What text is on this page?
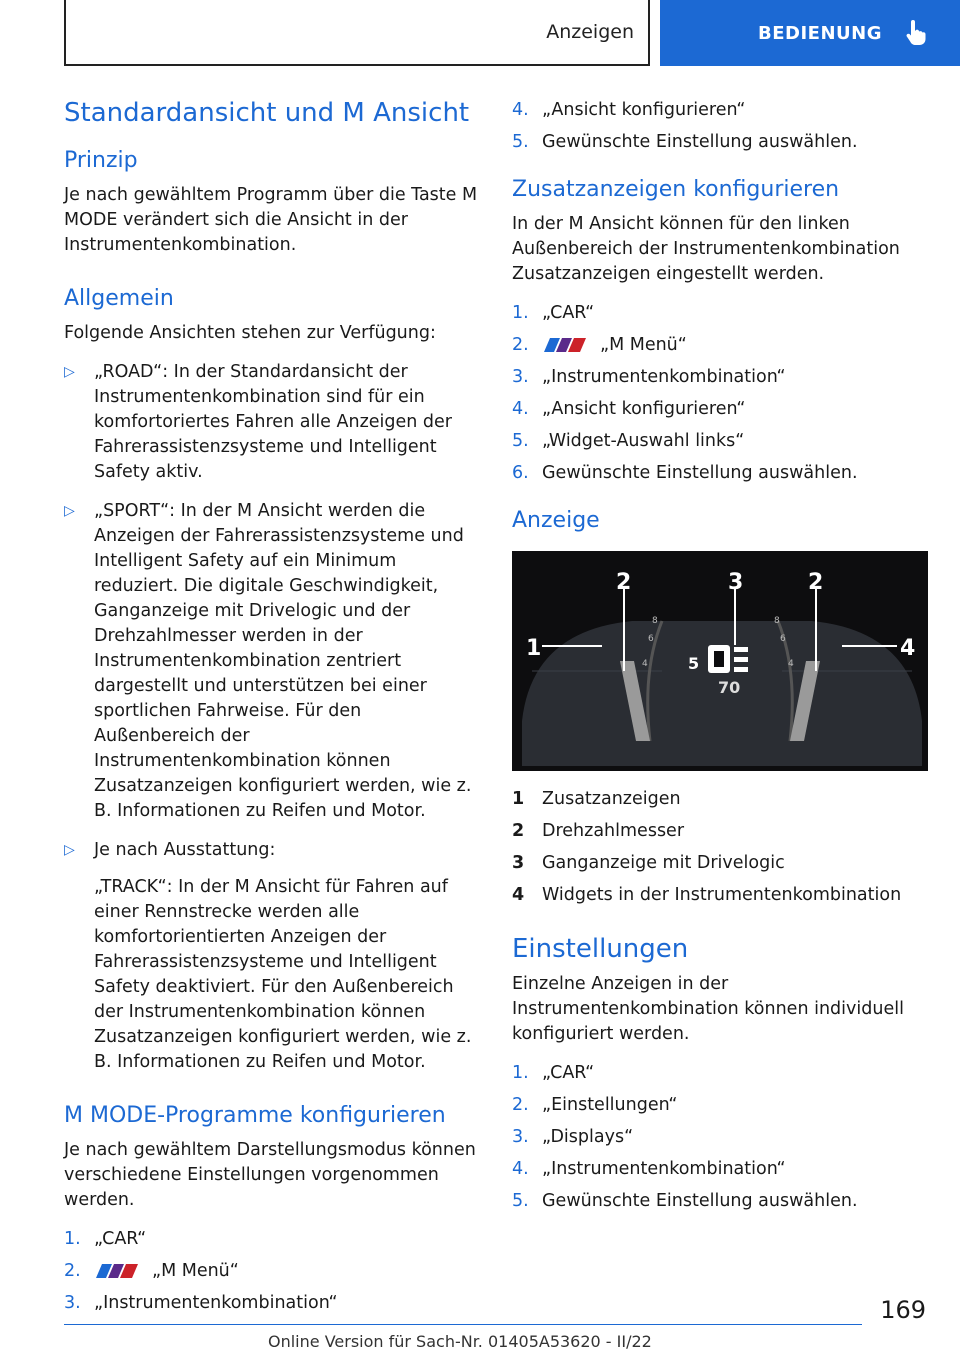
Anzeigen	BEDIENUNG
Standardansicht und M Ansicht
Prinzip

Je nach gewähltem Programm über die Taste M MODE verändert sich die Ansicht in der Instrumentenkombination.

Allgemein

Folgende Ansichten stehen zur Verfügung:

▷	„ROAD“: In der Standardansicht der Instrumentenkombination sind für ein komfortoriertes Fahren alle Anzeigen der Fahrerassistenzsysteme und Intelligent Safety aktiv.

▷	„SPORT“: In der M Ansicht werden die Anzeigen der Fahrerassistenzsysteme und Intelligent Safety auf ein Minimum reduziert. Die digitale Geschwindigkeit, Ganganzeige mit Drivelogic und der Drehzahlmesser werden in der Instrumentenkombination zentriert dargestellt und unterstützen bei einer sportlichen Fahrweise. Für den Außenbereich der Instrumentenkombination können Zusatzanzeigen konfiguriert werden, wie z. B. Informationen zu Reifen und Motor.

▷	Je nach Ausstattung:

„TRACK“: In der M Ansicht für Fahren auf einer Rennstrecke werden alle komfortorientierten Anzeigen der Fahrerassistenzsysteme und Intelligent Safety deaktiviert. Für den Außenbereich der Instrumentenkombination können Zusatzanzeigen konfiguriert werden, wie z. B. Informationen zu Reifen und Motor.

M MODE-Programme konfigurieren

Je nach gewähltem Darstellungsmodus können verschiedene Einstellungen vorgenommen werden.

1. „CAR“
2.	„M Menü“
3. „Instrumentenkombination“
4. „Ansicht konfigurieren“
5. Gewünschte Einstellung auswählen.
Zusatzanzeigen konfigurieren

In der M Ansicht können für den linken Außenbereich der Instrumentenkombination Zusatzanzeigen eingestellt werden.

1. „CAR“
2.	„M Menü“
3. „Instrumentenkombination“
4. „Ansicht konfigurieren“
5. „Widget-Auswahl links“
6. Gewünschte Einstellung auswählen.
Anzeige
8
6
4
8
6
4
1
2	3	2
4
5
70
1	Zusatzanzeigen
2	Drehzahlmesser
3	Ganganzeige mit Drivelogic
4	Widgets in der Instrumentenkombination
Einstellungen

Einzelne Anzeigen in der Instrumentenkombination können individuell konfiguriert werden.

1. „CAR“
2. „Einstellungen“
3. „Displays“
4. „Instrumentenkombination“
5. Gewünschte Einstellung auswählen.
169
Online Version für Sach-Nr. 01405A53620 - II/22
